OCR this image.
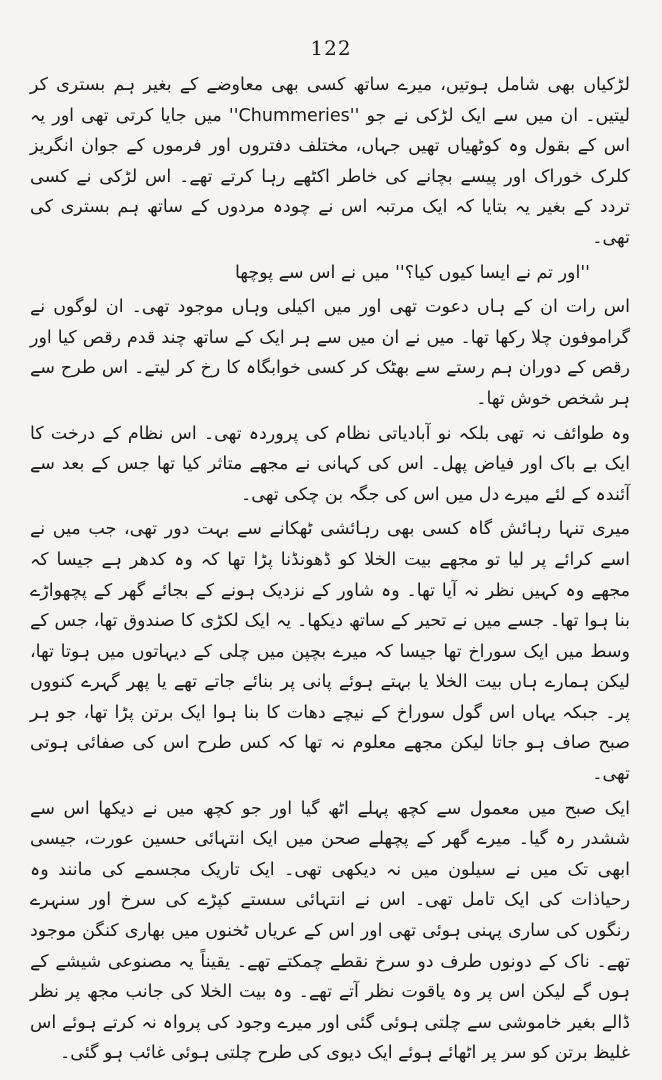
122

لڑکیاں بھی شامل ہوتیں، میرے ساتھ کسی بھی معاوضے کے بغیر ہم بستری کر لیتیں۔ ان میں سے ایک لڑکی نے جو ''Chummeries'' میں جایا کرتی تھی اور یہ اس کے بقول وہ کوٹھیاں تھیں جہاں، مختلف دفتروں اور فرموں کے جوان انگریز کلرک خوراک اور پیسے بچانے کی خاطر اکٹھے رہا کرتے تھے۔ اس لڑکی نے کسی تردد کے بغیر یہ بتایا کہ ایک مرتبہ اس نے چودہ مردوں کے ساتھ ہم بستری کی تھی۔

''اور تم نے ایسا کیوں کیا؟'' میں نے اس سے پوچھا

اس رات ان کے ہاں دعوت تھی اور میں اکیلی وہاں موجود تھی۔ ان لوگوں نے گراموفون چلا رکھا تھا۔ میں نے ان میں سے ہر ایک کے ساتھ چند قدم رقص کیا اور رقص کے دوران ہم رستے سے بھٹک کر کسی خوابگاہ کا رخ کر لیتے۔ اس طرح سے ہر شخص خوش تھا۔

وہ طوائف نہ تھی بلکہ نو آبادیاتی نظام کی پروردہ تھی۔ اس نظام کے درخت کا ایک بے باک اور فیاض پھل۔ اس کی کہانی نے مجھے متاثر کیا تھا جس کے بعد سے آئندہ کے لئے میرے دل میں اس کی جگہ بن چکی تھی۔

میری تنہا رہائش گاہ کسی بھی رہائشی ٹھکانے سے بہت دور تھی، جب میں نے اسے کرائے پر لیا تو مجھے بیت الخلا کو ڈھونڈنا پڑا تھا کہ وہ کدھر ہے جیسا کہ مجھے وہ کہیں نظر نہ آیا تھا۔ وہ شاور کے نزدیک ہونے کے بجائے گھر کے پچھواڑے بنا ہوا تھا۔ جسے میں نے تحیر کے ساتھ دیکھا۔ یہ ایک لکڑی کا صندوق تھا، جس کے وسط میں ایک سوراخ تھا جیسا کہ میرے بچپن میں چلی کے دیہاتوں میں ہوتا تھا، لیکن ہمارے ہاں بیت الخلا یا بہتے ہوئے پانی پر بنائے جاتے تھے یا پھر گہرے کنووں پر۔ جبکہ یہاں اس گول سوراخ کے نیچے دھات کا بنا ہوا ایک برتن پڑا تھا، جو ہر صبح صاف ہو جاتا لیکن مجھے معلوم نہ تھا کہ کس طرح اس کی صفائی ہوتی تھی۔

ایک صبح میں معمول سے کچھ پہلے اٹھ گیا اور جو کچھ میں نے دیکھا اس سے ششدر رہ گیا۔ میرے گھر کے پچھلے صحن میں ایک انتہائی حسین عورت، جیسی ابھی تک میں نے سیلون میں نہ دیکھی تھی۔ ایک تاریک مجسمے کی مانند وہ رحیاذات کی ایک تامل تھی۔ اس نے انتہائی سستے کپڑے کی سرخ اور سنہرے رنگوں کی ساری پہنی ہوئی تھی اور اس کے عریاں ٹخنوں میں بھاری کنگن موجود تھے۔ ناک کے دونوں طرف دو سرخ نقطے چمکتے تھے۔ یقیناً یہ مصنوعی شیشے کے ہوں گے لیکن اس پر وہ یاقوت نظر آتے تھے۔ وہ بیت الخلا کی جانب مجھ پر نظر ڈالے بغیر خاموشی سے چلتی ہوئی گئی اور میرے وجود کی پرواہ نہ کرتے ہوئے اس غلیظ برتن کو سر پر اٹھائے ہوئے ایک دیوی کی طرح چلتی ہوئی غائب ہو گئی۔
